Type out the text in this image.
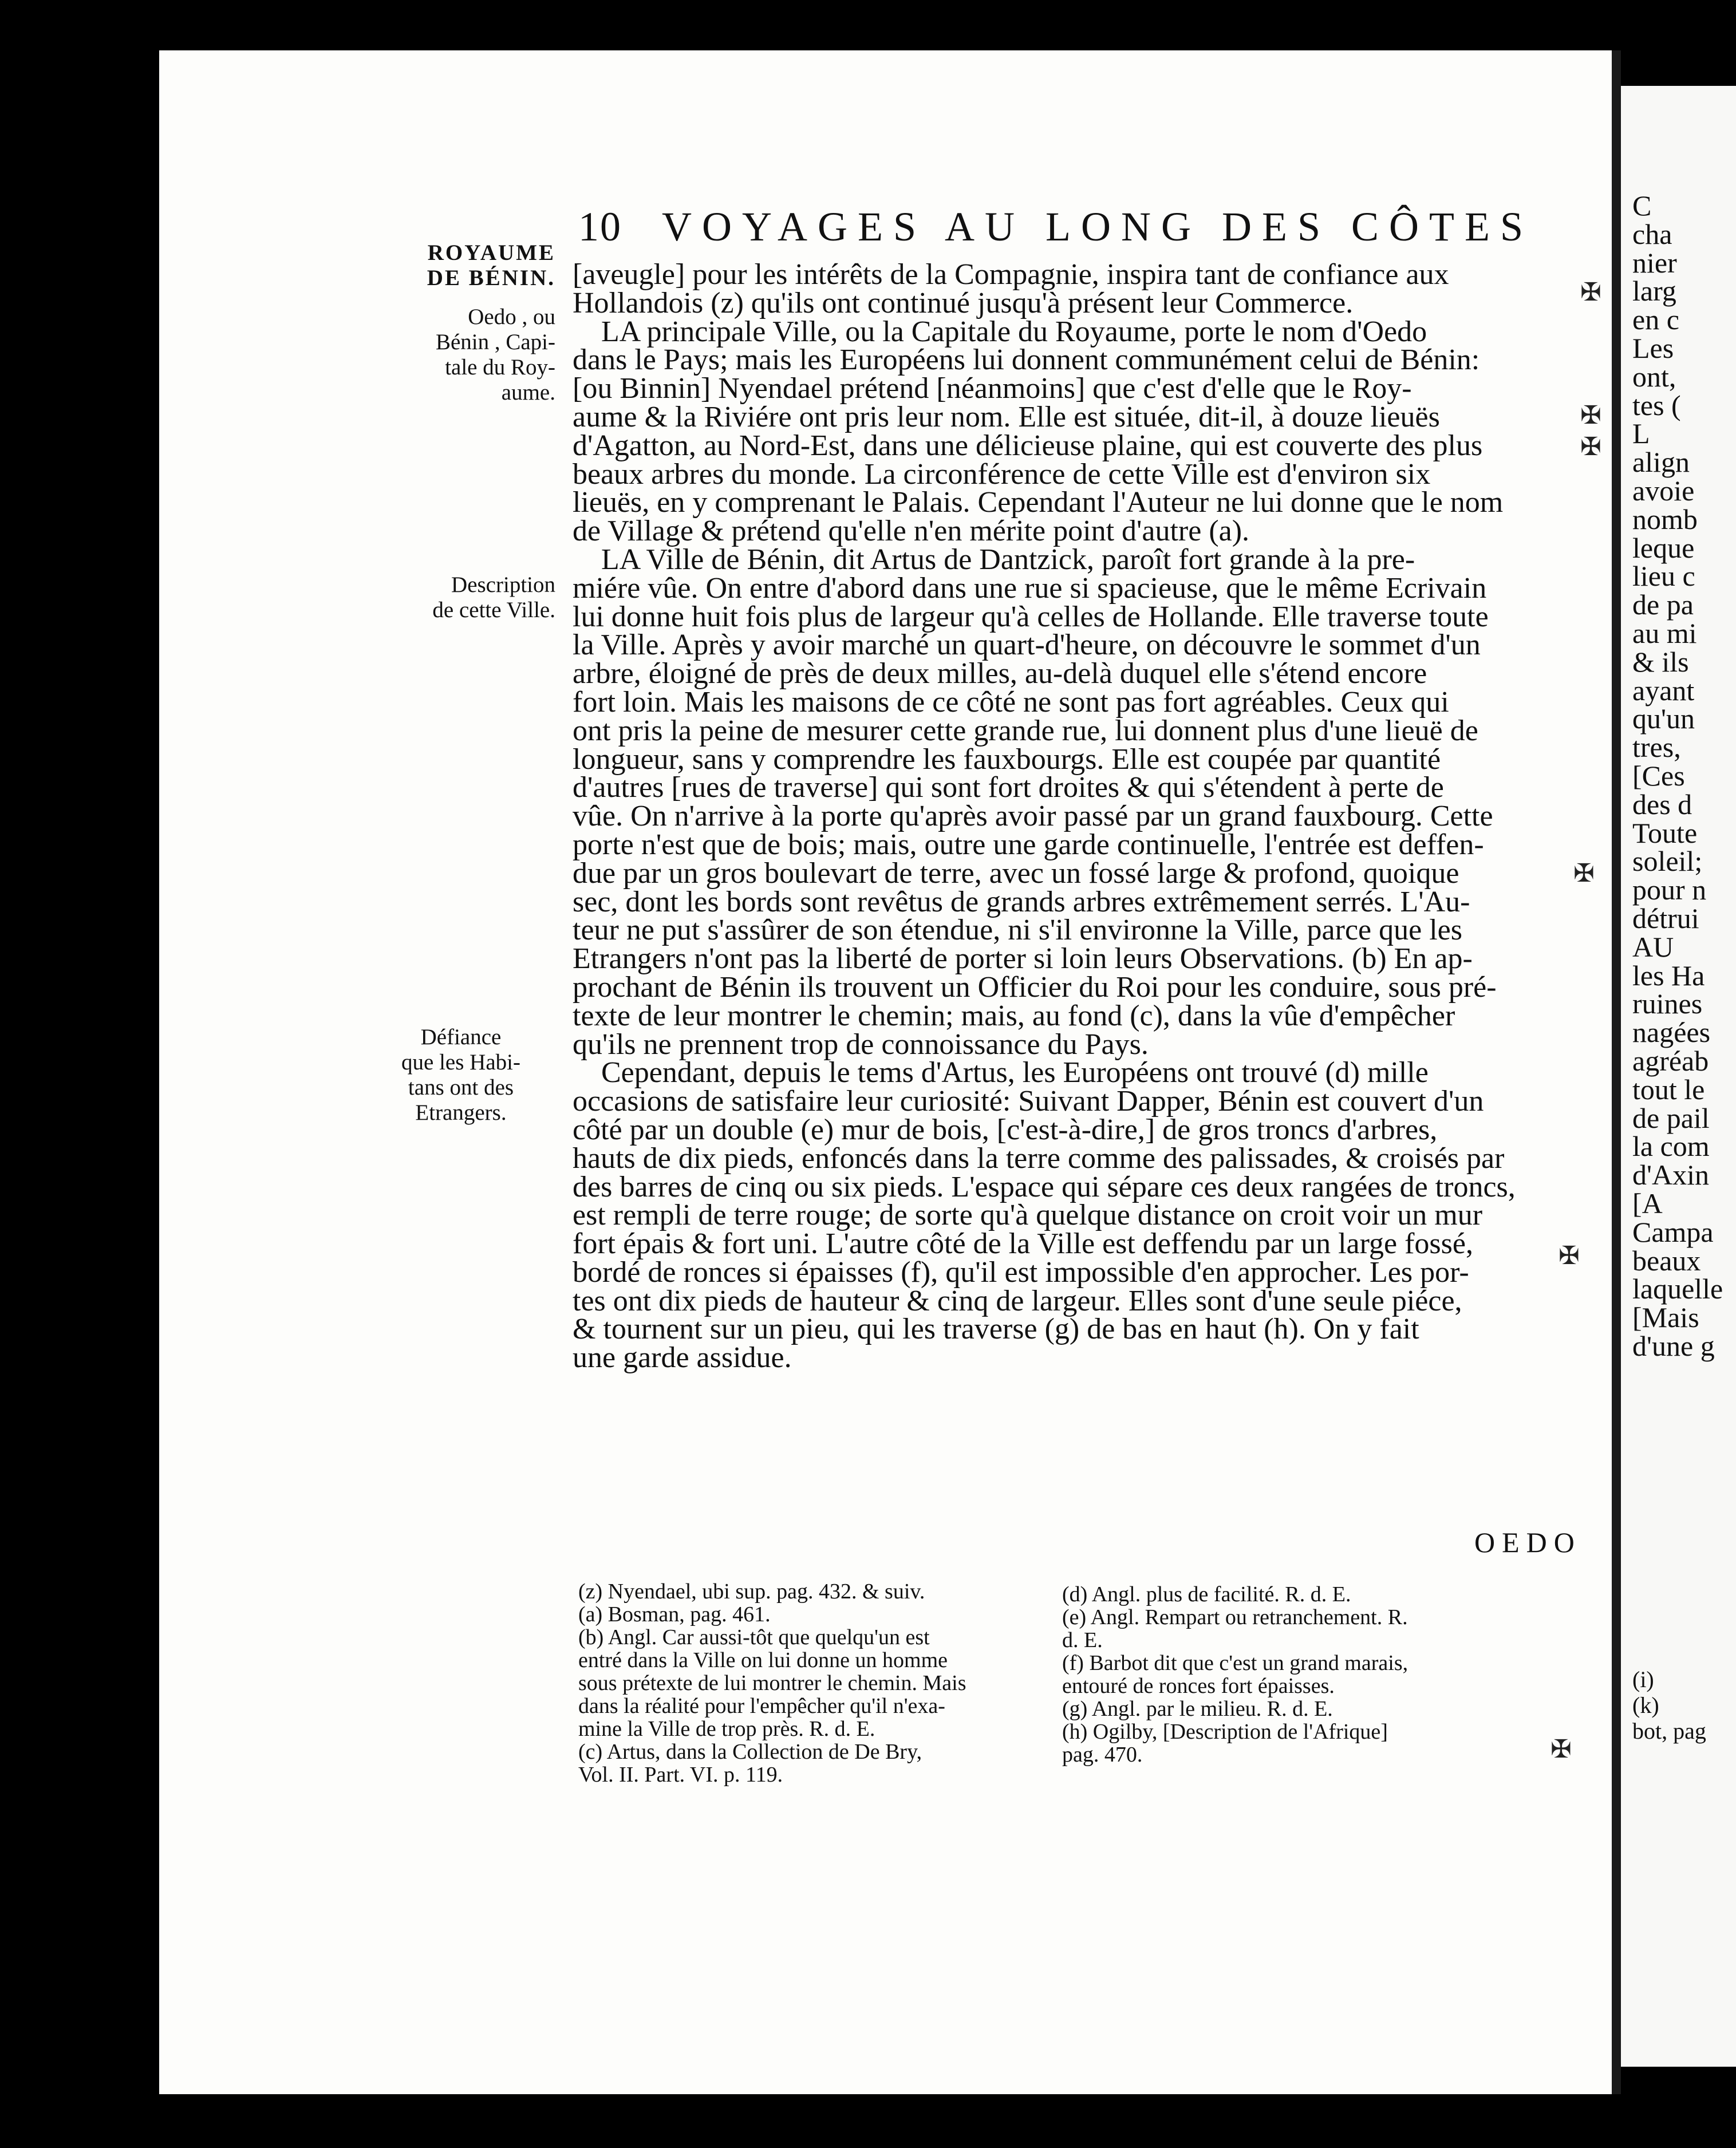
C
cha
nier
larg
en c
Les
ont,
tes (
L
align
avoie
nomb
leque
lieu c
de pa
au mi
& ils
ayant
qu'un
tres,
[Ces
des d
Toute
soleil;
pour n
détrui
AU
les Ha
ruines
nagées
agréab
tout le
de pail
la com
d'Axin
[A
Campa
beaux
laquelle
[Mais
d'une g
(i)
(k)
bot, pag
10 VOYAGES AU LONG DES CÔTES
ROYAUME
DE BÉNIN.
Oedo , ou
Bénin , Capi-
tale du Roy-
aume.
Description
de cette Ville.
Défiance
que les Habi-
tans ont des
Etrangers.
[aveugle] pour les intérêts de la Compagnie, inspira tant de confiance aux
Hollandois (z) qu'ils ont continué jusqu'à présent leur Commerce.
LA principale Ville, ou la Capitale du Royaume, porte le nom d'Oedo
dans le Pays; mais les Européens lui donnent communément celui de Bénin:
[ou Binnin] Nyendael prétend [néanmoins] que c'est d'elle que le Roy-
aume & la Riviére ont pris leur nom. Elle est située, dit-il, à douze lieuës
d'Agatton, au Nord-Est, dans une délicieuse plaine, qui est couverte des plus
beaux arbres du monde. La circonférence de cette Ville est d'environ six
lieuës, en y comprenant le Palais. Cependant l'Auteur ne lui donne que le nom
de Village & prétend qu'elle n'en mérite point d'autre (a).
LA Ville de Bénin, dit Artus de Dantzick, paroît fort grande à la pre-
miére vûe. On entre d'abord dans une rue si spacieuse, que le même Ecrivain
lui donne huit fois plus de largeur qu'à celles de Hollande. Elle traverse toute
la Ville. Après y avoir marché un quart-d'heure, on découvre le sommet d'un
arbre, éloigné de près de deux milles, au-delà duquel elle s'étend encore
fort loin. Mais les maisons de ce côté ne sont pas fort agréables. Ceux qui
ont pris la peine de mesurer cette grande rue, lui donnent plus d'une lieuë de
longueur, sans y comprendre les fauxbourgs. Elle est coupée par quantité
d'autres [rues de traverse] qui sont fort droites & qui s'étendent à perte de
vûe. On n'arrive à la porte qu'après avoir passé par un grand fauxbourg. Cette
porte n'est que de bois; mais, outre une garde continuelle, l'entrée est deffen-
due par un gros boulevart de terre, avec un fossé large & profond, quoique
sec, dont les bords sont revêtus de grands arbres extrêmement serrés. L'Au-
teur ne put s'assûrer de son étendue, ni s'il environne la Ville, parce que les
Etrangers n'ont pas la liberté de porter si loin leurs Observations. (b) En ap-
prochant de Bénin ils trouvent un Officier du Roi pour les conduire, sous pré-
texte de leur montrer le chemin; mais, au fond (c), dans la vûe d'empêcher
qu'ils ne prennent trop de connoissance du Pays.
Cependant, depuis le tems d'Artus, les Européens ont trouvé (d) mille
occasions de satisfaire leur curiosité: Suivant Dapper, Bénin est couvert d'un
côté par un double (e) mur de bois, [c'est-à-dire,] de gros troncs d'arbres,
hauts de dix pieds, enfoncés dans la terre comme des palissades, & croisés par
des barres de cinq ou six pieds. L'espace qui sépare ces deux rangées de troncs,
est rempli de terre rouge; de sorte qu'à quelque distance on croit voir un mur
fort épais & fort uni. L'autre côté de la Ville est deffendu par un large fossé,
bordé de ronces si épaisses (f), qu'il est impossible d'en approcher. Les por-
tes ont dix pieds de hauteur & cinq de largeur. Elles sont d'une seule piéce,
& tournent sur un pieu, qui les traverse (g) de bas en haut (h). On y fait
une garde assidue.
OEDO
(z) Nyendael, ubi sup. pag. 432. & suiv.
(a) Bosman, pag. 461.
(b) Angl. Car aussi-tôt que quelqu'un est
entré dans la Ville on lui donne un homme
sous prétexte de lui montrer le chemin. Mais
dans la réalité pour l'empêcher qu'il n'exa-
mine la Ville de trop près. R. d. E.
(c) Artus, dans la Collection de De Bry,
Vol. II. Part. VI. p. 119.
(d) Angl. plus de facilité. R. d. E.
(e) Angl. Rempart ou retranchement. R.
d. E.
(f) Barbot dit que c'est un grand marais,
entouré de ronces fort épaisses.
(g) Angl. par le milieu. R. d. E.
(h) Ogilby, [Description de l'Afrique]
pag. 470.
✠
✠
✠
✠
✠
✠
